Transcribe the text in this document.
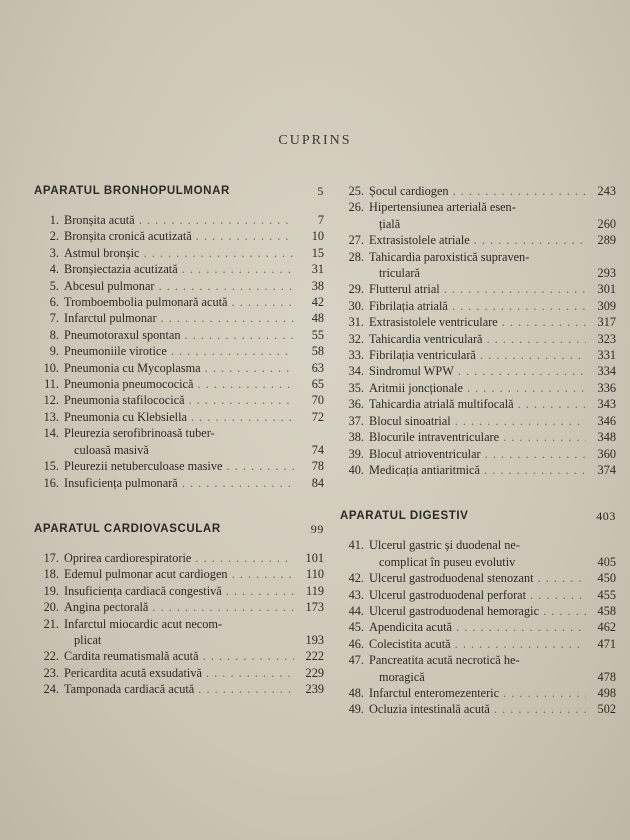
CUPRINS
APARATUL BRONHOPULMONAR	5
1. Bronșita acută . . .	7
2. Bronșita cronică acutizată . . .	10
3. Astmul bronșic . . .	15
4. Bronșiectazia acutizată . . .	31
5. Abcesul pulmonar . . .	38
6. Tromboembolia pulmonară acută . . .	42
7. Infarctul pulmonar . . .	48
8. Pneumotoraxul spontan . . .	55
9. Pneumoniile virotice . . .	58
10. Pneumonia cu Mycoplasma . . .	63
11. Pneumonia pneumococică . . .	65
12. Pneumonia stafilococică . . .	70
13. Pneumonia cu Klebsiella . . .	72
14. Pleurezia serofibrinoasă tuber-
culoasă masivă	74
15. Pleurezii netuberculoase masive . . .	78
16. Insuficiența pulmonară . . .	84
APARATUL CARDIOVASCULAR	99
17. Oprirea cardiorespiratorie . . .	101
18. Edemul pulmonar acut cardiogen . . .	110
19. Insuficiența cardiacă congestivă . . .	119
20. Angina pectorală . . .	173
21. Infarctul miocardic acut necom-
plicat	193
22. Cardita reumatismală acută . . .	222
23. Pericardita acută exsudativă . . .	229
24. Tamponada cardiacă acută . . .	239
25. Șocul cardiogen . . .	243
26. Hipertensiunea arterială esen-
țială	260
27. Extrasistolele atriale . . .	289
28. Tahicardia paroxistică supraven-
triculară	293
29. Flutterul atrial . . .	301
30. Fibrilația atrială . . .	309
31. Extrasistolele ventriculare . . .	317
32. Tahicardia ventriculară . . .	323
33. Fibrilația ventriculară . . .	331
34. Sindromul WPW . . .	334
35. Aritmii joncționale . . .	336
36. Tahicardia atrială multifocală . . .	343
37. Blocul sinoatrial . . .	346
38. Blocurile intraventriculare . . .	348
39. Blocul atrioventricular . . .	360
40. Medicația antiaritmică . . .	374
APARATUL DIGESTIV	403
41. Ulcerul gastric și duodenal ne-
complicat în puseu evolutiv	405
42. Ulcerul gastroduodenal stenozant . . .	450
43. Ulcerul gastroduodenal perforat . . .	455
44. Ulcerul gastroduodenal hemoragic . . .	458
45. Apendicita acută . . .	462
46. Colecistita acută . . .	471
47. Pancreatita acută necrotică he-
moragică	478
48. Infarctul enteromezenteric . . .	498
49. Ocluzia intestinală acută . . .	502
